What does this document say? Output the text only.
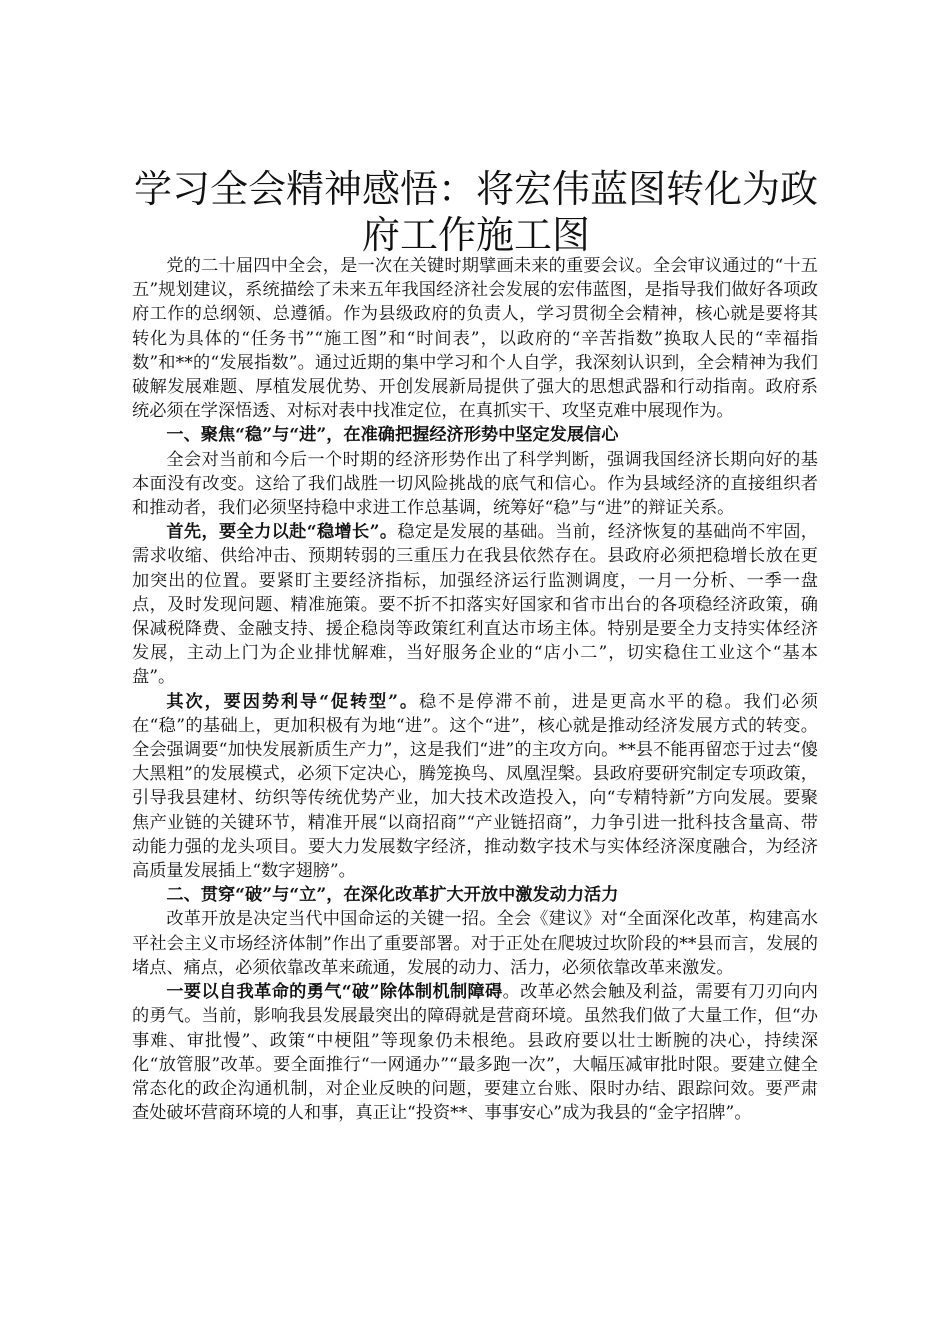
学习全会精神感悟：将宏伟蓝图转化为政府工作施工图

党的二十届四中全会，是一次在关键时期擘画未来的重要会议。全会审议通过的“十五五”规划建议，系统描绘了未来五年我国经济社会发展的宏伟蓝图，是指导我们做好各项政府工作的总纲领、总遵循。作为县级政府的负责人，学习贯彻全会精神，核心就是要将其转化为具体的“任务书”“施工图”和“时间表”，以政府的“辛苦指数”换取人民的“幸福指数”和**的“发展指数”。通过近期的集中学习和个人自学，我深刻认识到，全会精神为我们破解发展难题、厚植发展优势、开创发展新局提供了强大的思想武器和行动指南。政府系统必须在学深悟透、对标对表中找准定位，在真抓实干、攻坚克难中展现作为。

一、聚焦“稳”与“进”，在准确把握经济形势中坚定发展信心

全会对当前和今后一个时期的经济形势作出了科学判断，强调我国经济长期向好的基本面没有改变。这给了我们战胜一切风险挑战的底气和信心。作为县域经济的直接组织者和推动者，我们必须坚持稳中求进工作总基调，统筹好“稳”与“进”的辩证关系。

首先，要全力以赴“稳增长”。稳定是发展的基础。当前，经济恢复的基础尚不牢固，需求收缩、供给冲击、预期转弱的三重压力在我县依然存在。县政府必须把稳增长放在更加突出的位置。要紧盯主要经济指标，加强经济运行监测调度，一月一分析、一季一盘点，及时发现问题、精准施策。要不折不扣落实好国家和省市出台的各项稳经济政策，确保减税降费、金融支持、援企稳岗等政策红利直达市场主体。特别是要全力支持实体经济发展，主动上门为企业排忧解难，当好服务企业的“店小二”，切实稳住工业这个“基本盘”。

其次，要因势利导“促转型”。稳不是停滞不前，进是更高水平的稳。我们必须在“稳”的基础上，更加积极有为地“进”。这个“进”，核心就是推动经济发展方式的转变。全会强调要“加快发展新质生产力”，这是我们“进”的主攻方向。**县不能再留恋于过去“傻大黑粗”的发展模式，必须下定决心，腾笼换鸟、凤凰涅槃。县政府要研究制定专项政策，引导我县建材、纺织等传统优势产业，加大技术改造投入，向“专精特新”方向发展。要聚焦产业链的关键环节，精准开展“以商招商”“产业链招商”，力争引进一批科技含量高、带动能力强的龙头项目。要大力发展数字经济，推动数字技术与实体经济深度融合，为经济高质量发展插上“数字翅膀”。

二、贯穿“破”与“立”，在深化改革扩大开放中激发动力活力

改革开放是决定当代中国命运的关键一招。全会《建议》对“全面深化改革，构建高水平社会主义市场经济体制”作出了重要部署。对于正处在爬坡过坎阶段的**县而言，发展的堵点、痛点，必须依靠改革来疏通，发展的动力、活力，必须依靠改革来激发。

一要以自我革命的勇气“破”除体制机制障碍。改革必然会触及利益，需要有刀刃向内的勇气。当前，影响我县发展最突出的障碍就是营商环境。虽然我们做了大量工作，但“办事难、审批慢”、政策“中梗阻”等现象仍未根绝。县政府要以壮士断腕的决心，持续深化“放管服”改革。要全面推行“一网通办”“最多跑一次”，大幅压减审批时限。要建立健全常态化的政企沟通机制，对企业反映的问题，要建立台账、限时办结、跟踪问效。要严肃查处破坏营商环境的人和事，真正让“投资**、事事安心”成为我县的“金字招牌”。
